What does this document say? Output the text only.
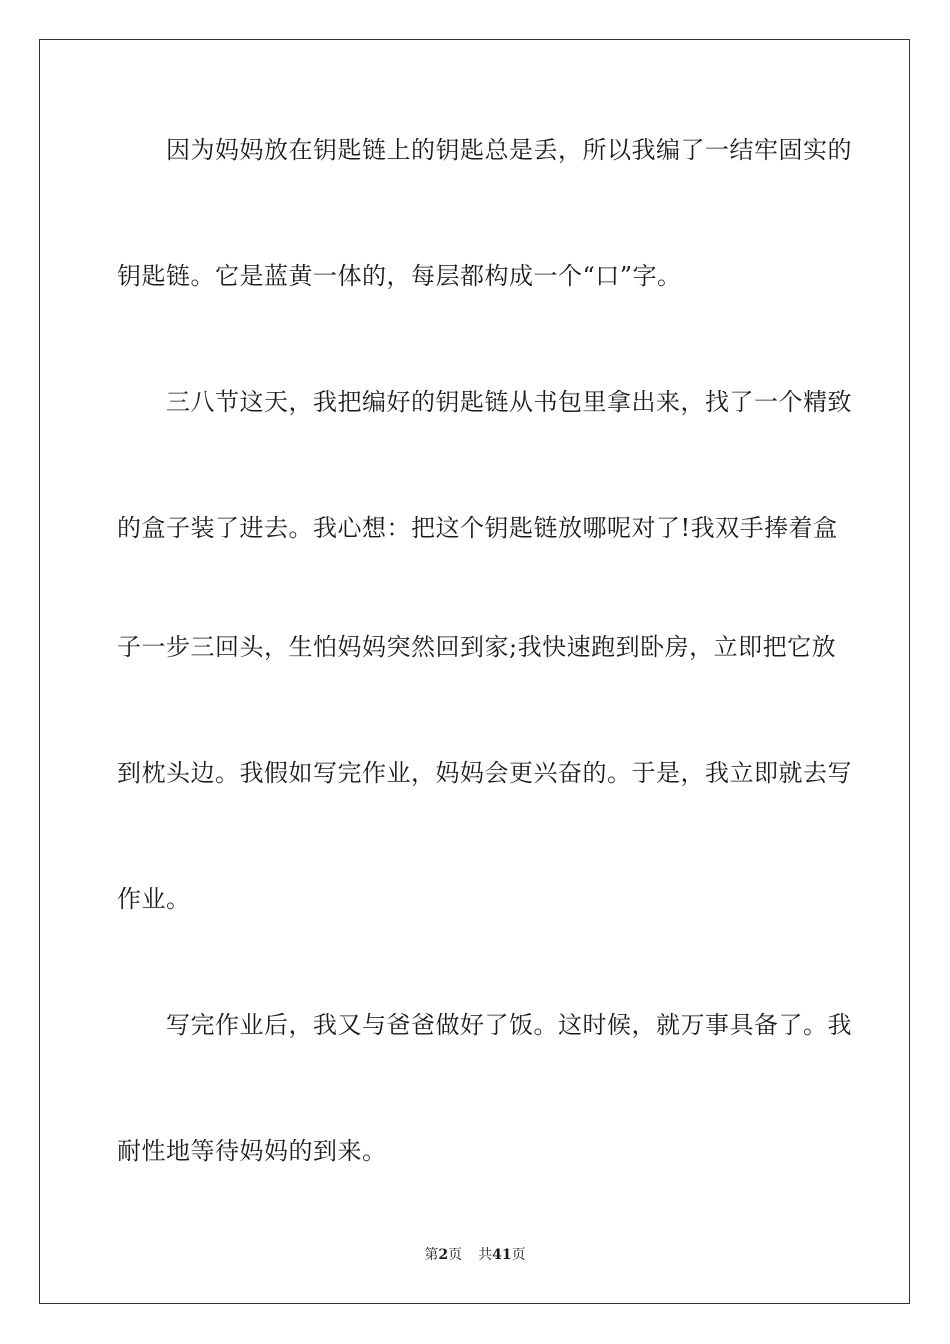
　　因为妈妈放在钥匙链上的钥匙总是丢，所以我编了一结牢固实的
钥匙链。它是蓝黄一体的，每层都构成一个“口”字。
　　三八节这天，我把编好的钥匙链从书包里拿出来，找了一个精致
的盒子装了进去。我心想：把这个钥匙链放哪呢对了!我双手捧着盒
子一步三回头，生怕妈妈突然回到家;我快速跑到卧房，立即把它放
到枕头边。我假如写完作业，妈妈会更兴奋的。于是，我立即就去写
作业。
　　写完作业后，我又与爸爸做好了饭。这时候，就万事具备了。我
耐性地等待妈妈的到来。
第2页 共41页
